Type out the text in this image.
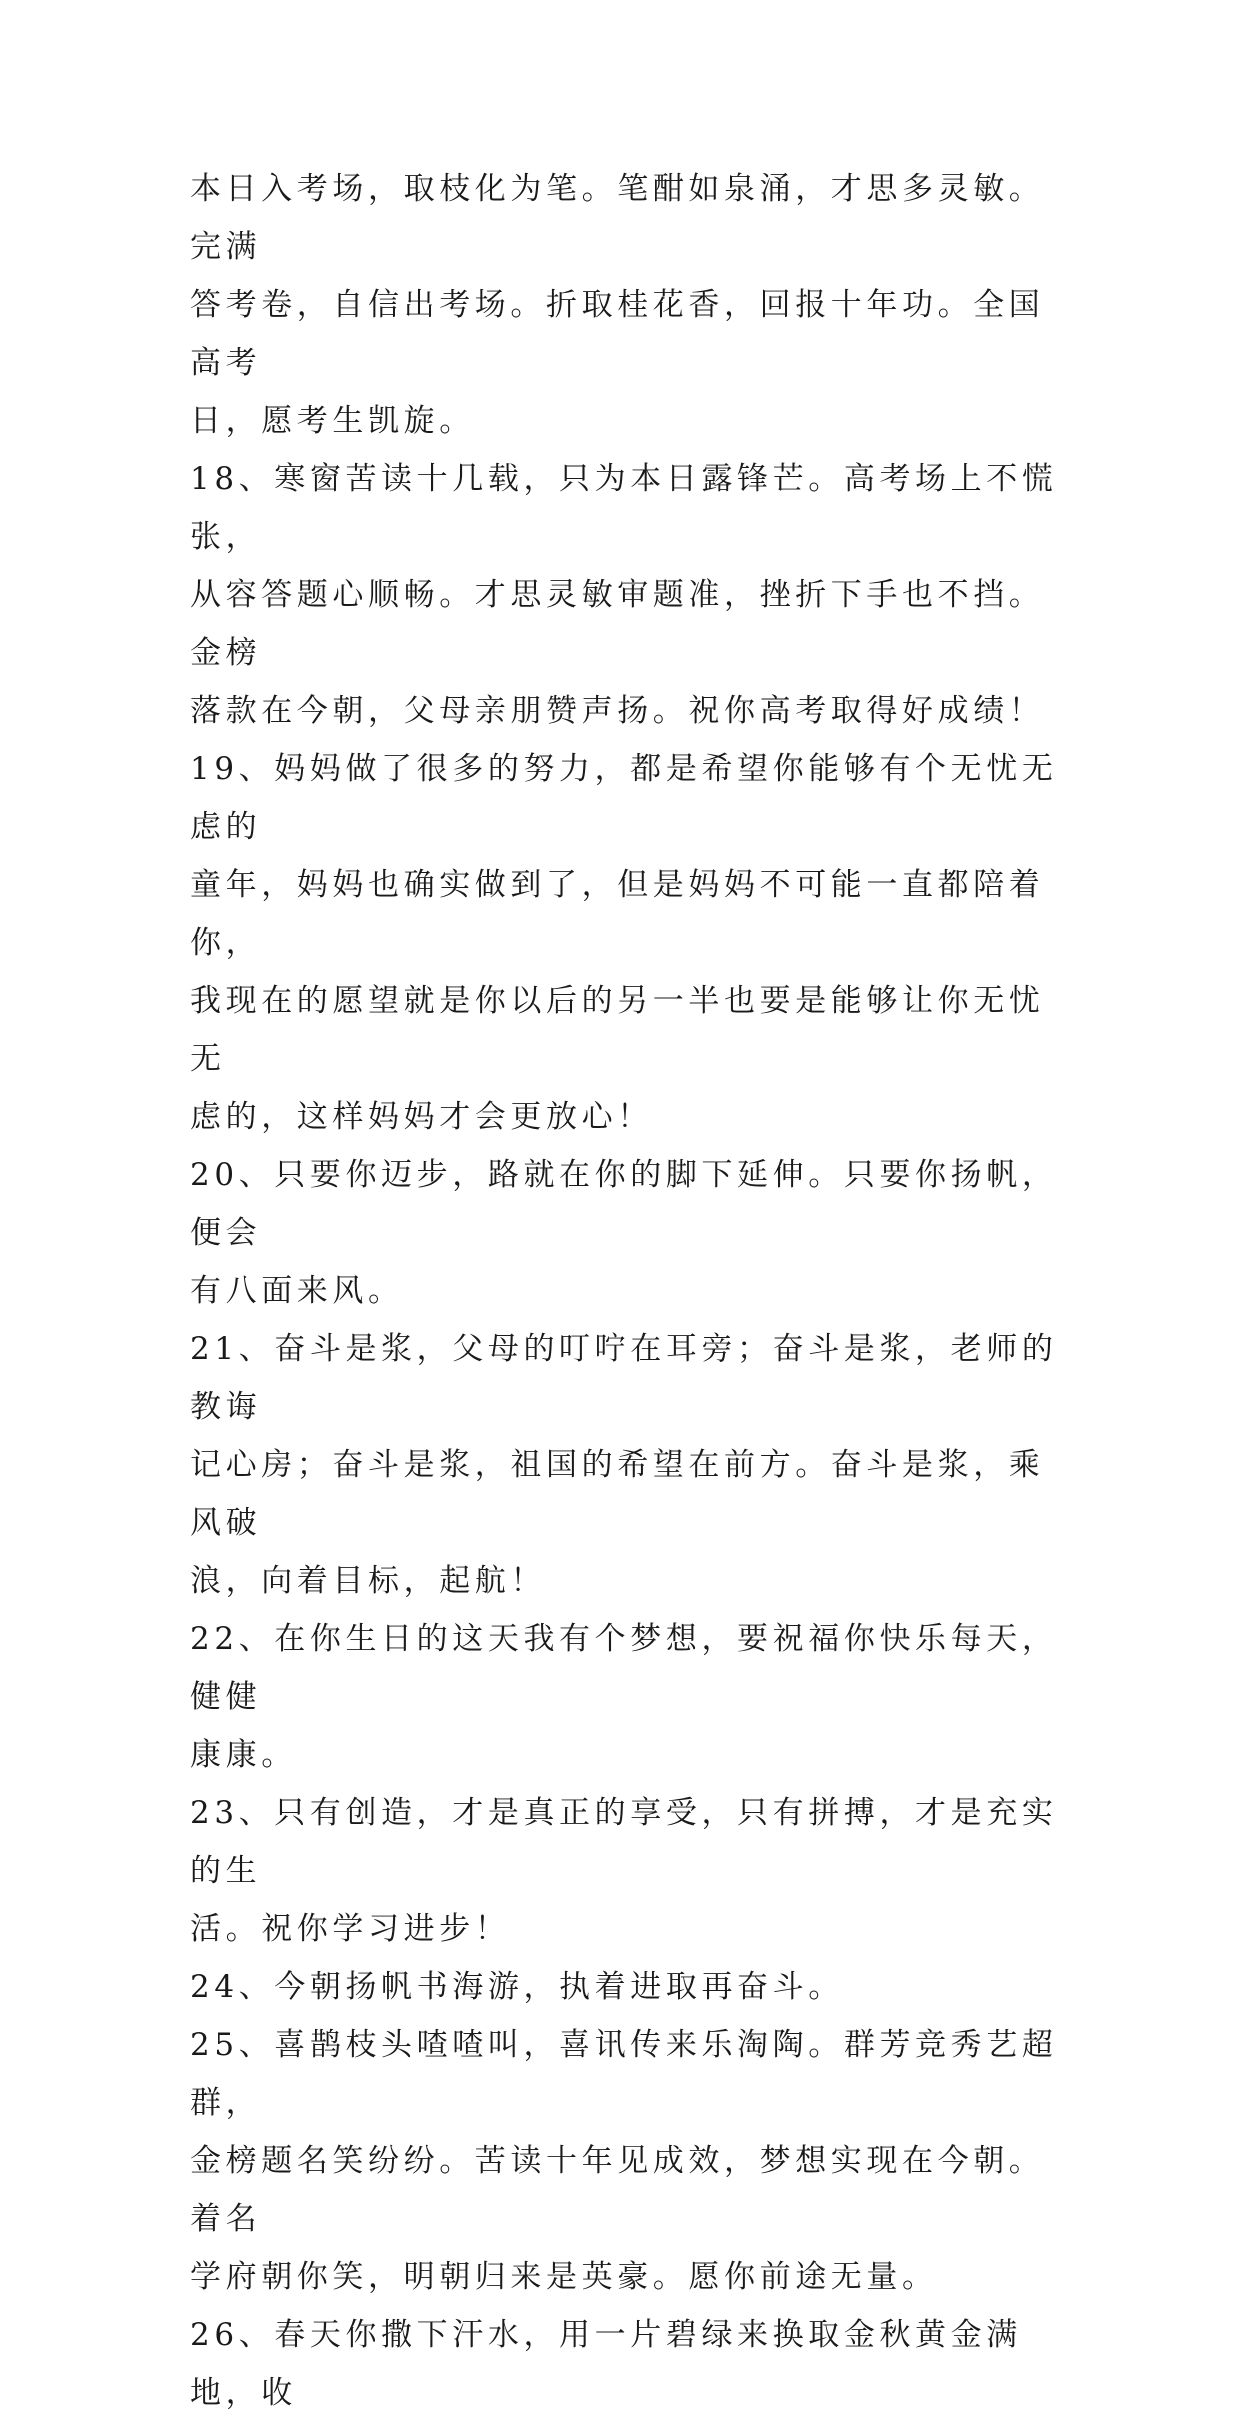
本日入考场，取枝化为笔。笔酣如泉涌，才思多灵敏。完满
答考卷，自信出考场。折取桂花香，回报十年功。全国高考
日，愿考生凯旋。
18、寒窗苦读十几载，只为本日露锋芒。高考场上不慌张，
从容答题心顺畅。才思灵敏审题准，挫折下手也不挡。金榜
落款在今朝，父母亲朋赞声扬。祝你高考取得好成绩！
19、妈妈做了很多的努力，都是希望你能够有个无忧无虑的
童年，妈妈也确实做到了，但是妈妈不可能一直都陪着你，
我现在的愿望就是你以后的另一半也要是能够让你无忧无
虑的，这样妈妈才会更放心！
20、只要你迈步，路就在你的脚下延伸。只要你扬帆，便会
有八面来风。
21、奋斗是浆，父母的叮咛在耳旁；奋斗是浆，老师的教诲
记心房；奋斗是浆，祖国的希望在前方。奋斗是浆，乘风破
浪，向着目标，起航！
22、在你生日的这天我有个梦想，要祝福你快乐每天，健健
康康。
23、只有创造，才是真正的享受，只有拼搏，才是充实的生
活。祝你学习进步！
24、今朝扬帆书海游，执着进取再奋斗。
25、喜鹊枝头喳喳叫，喜讯传来乐淘陶。群芳竞秀艺超群，
金榜题名笑纷纷。苦读十年见成效，梦想实现在今朝。着名
学府朝你笑，明朝归来是英豪。愿你前途无量。
26、春天你撒下汗水，用一片碧绿来换取金秋黄金满地，收
